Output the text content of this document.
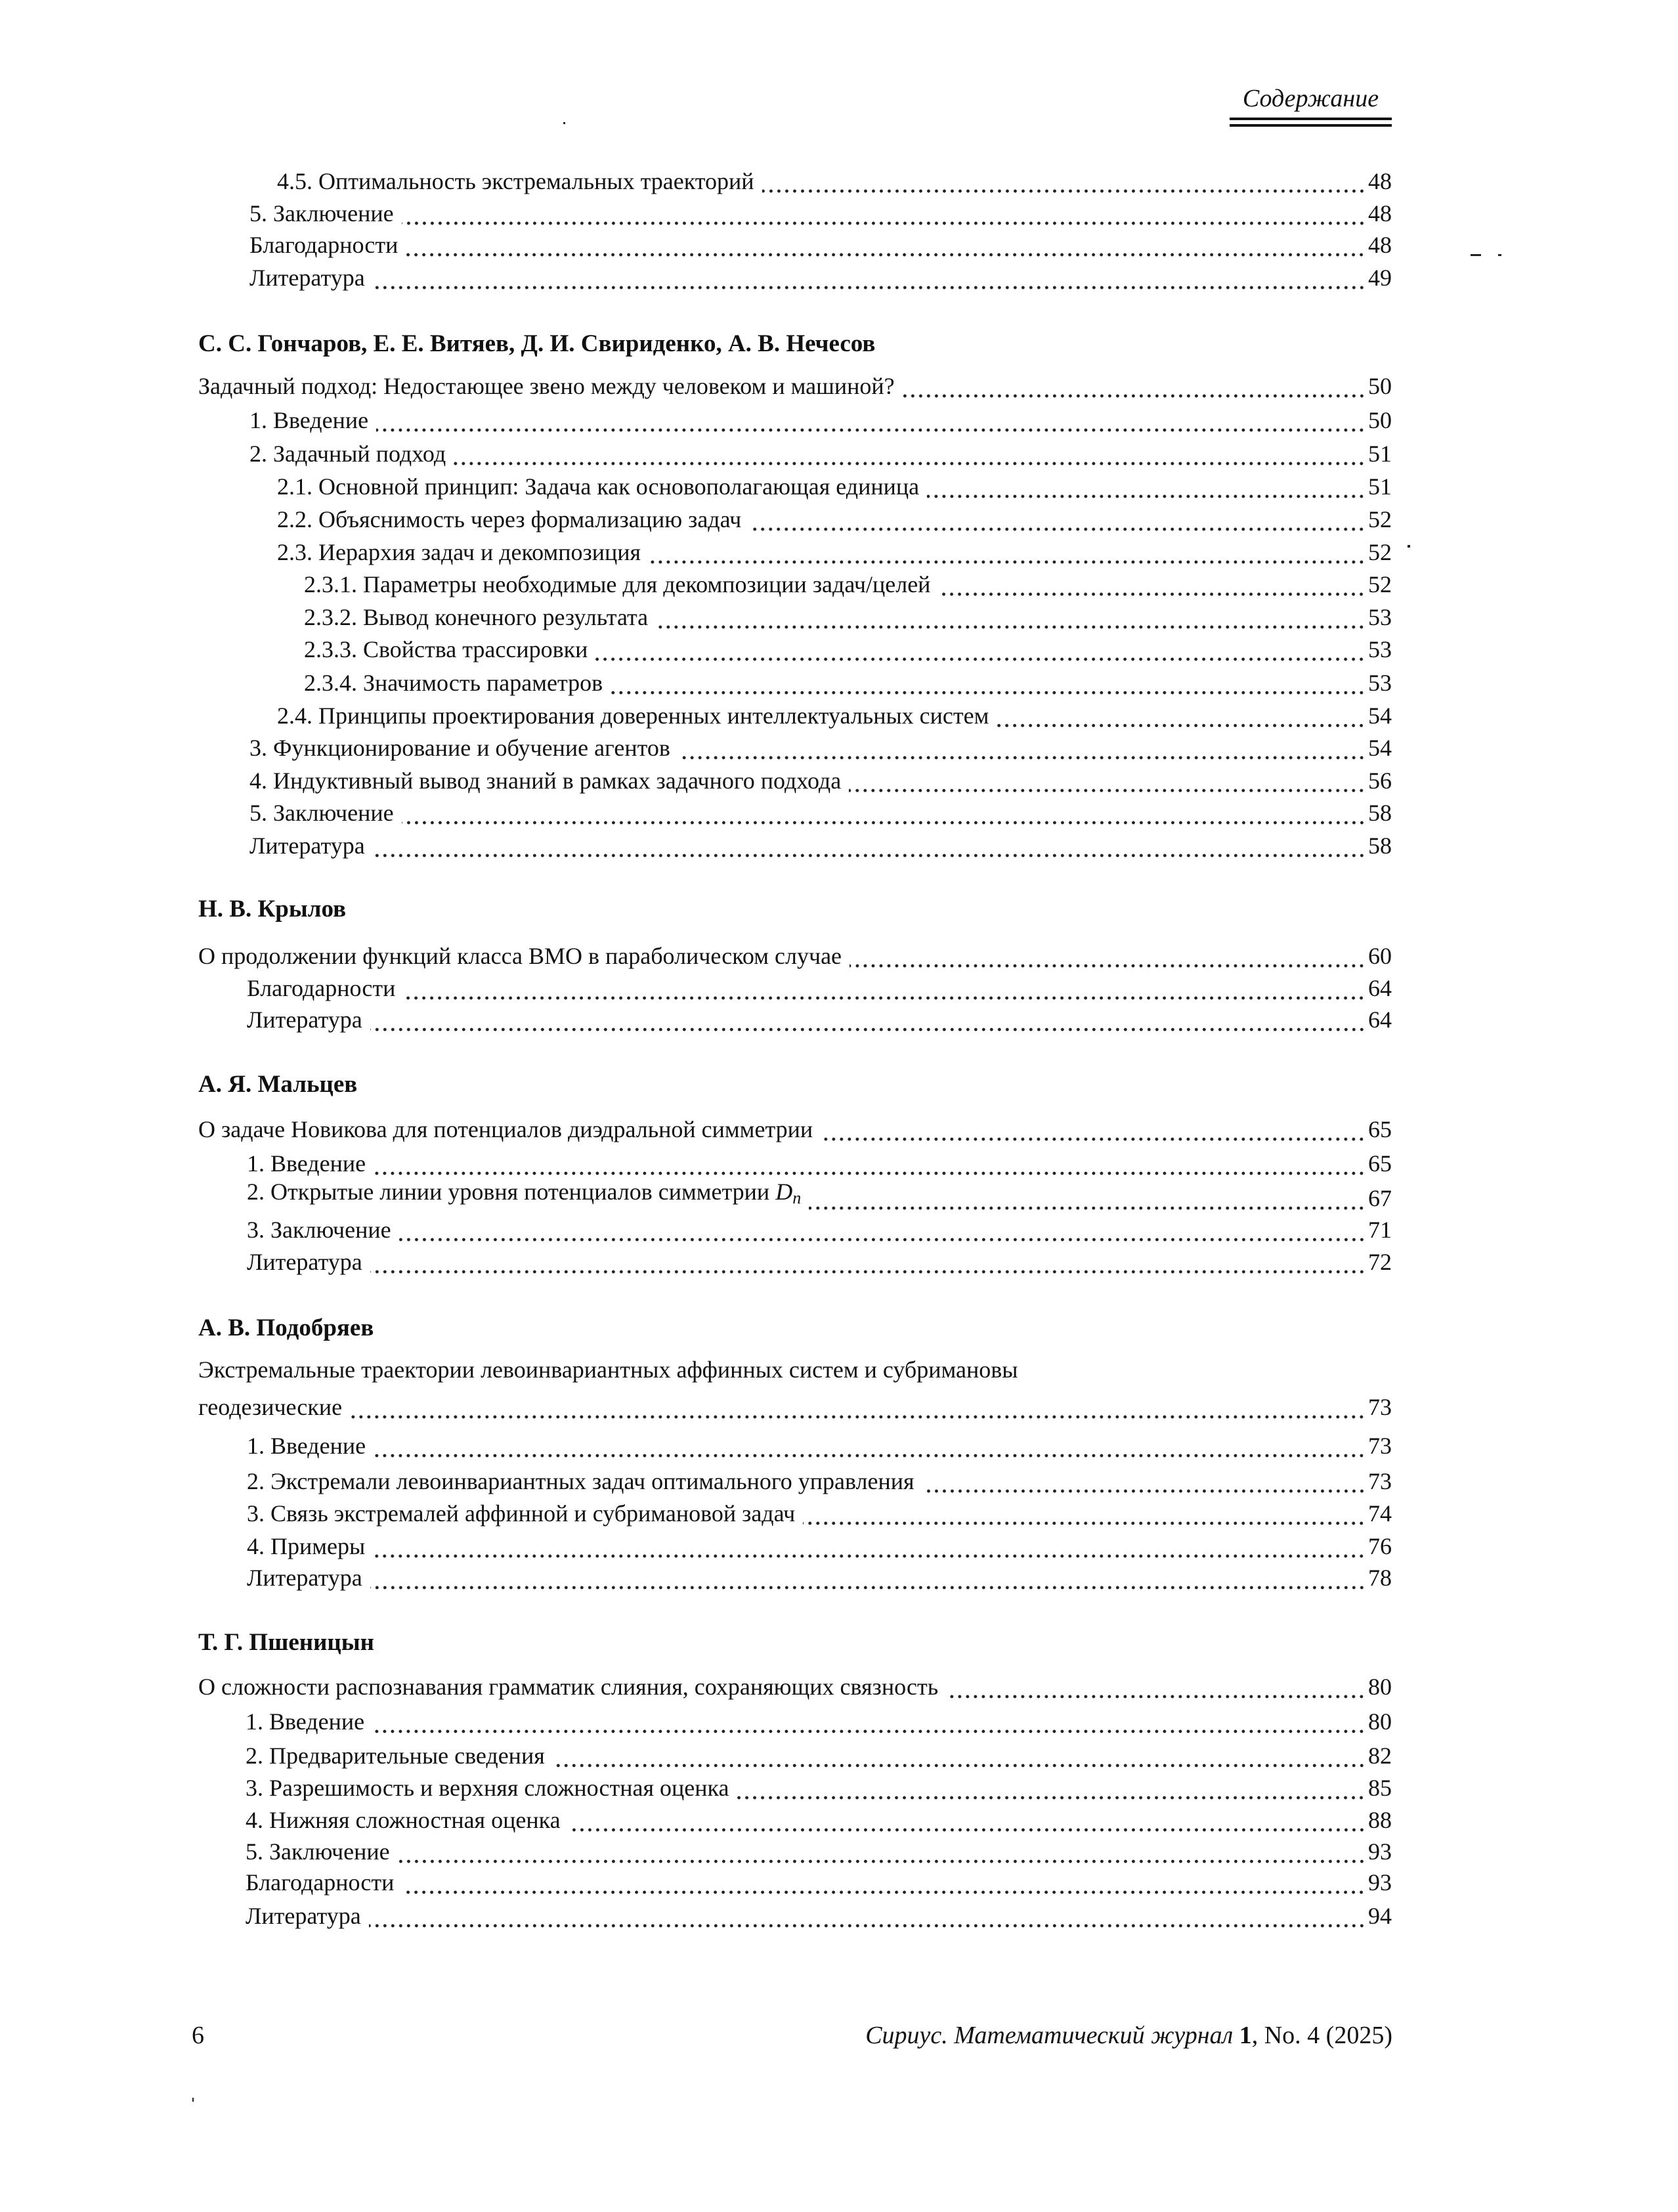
Содержание
4.5. Оптимальность экстремальных траекторий	48
5. Заключение	48
Благодарности	48
Литература	49
С. С. Гончаров, Е. Е. Витяев, Д. И. Свириденко, А. В. Нечесов
Задачный подход: Недостающее звено между человеком и машиной?	50
1. Введение	50
2. Задачный подход	51
2.1. Основной принцип: Задача как основополагающая единица	51
2.2. Объяснимость через формализацию задач	52
2.3. Иерархия задач и декомпозиция	52
2.3.1. Параметры необходимые для декомпозиции задач/целей	52
2.3.2. Вывод конечного результата	53
2.3.3. Свойства трассировки	53
2.3.4. Значимость параметров	53
2.4. Принципы проектирования доверенных интеллектуальных систем	54
3. Функционирование и обучение агентов	54
4. Индуктивный вывод знаний в рамках задачного подхода	56
5. Заключение	58
Литература	58
Н. В. Крылов
О продолжении функций класса BMO в параболическом случае	60
Благодарности	64
Литература	64
А. Я. Мальцев
О задаче Новикова для потенциалов диэдральной симметрии	65
1. Введение	65
2. Открытые линии уровня потенциалов симметрии $D_n$	67
3. Заключение	71
Литература	72
А. В. Подобряев
Экстремальные траектории левоинвариантных аффинных систем и субримановы
геодезические	73
1. Введение	73
2. Экстремали левоинвариантных задач оптимального управления	73
3. Связь экстремалей аффинной и субримановой задач	74
4. Примеры	76
Литература	78
Т. Г. Пшеницын
О сложности распознавания грамматик слияния, сохраняющих связность	80
1. Введение	80
2. Предварительные сведения	82
3. Разрешимость и верхняя сложностная оценка	85
4. Нижняя сложностная оценка	88
5. Заключение	93
Благодарности	93
Литература	94
6	Сириус. Математический журнал 1, No. 4 (2025)
